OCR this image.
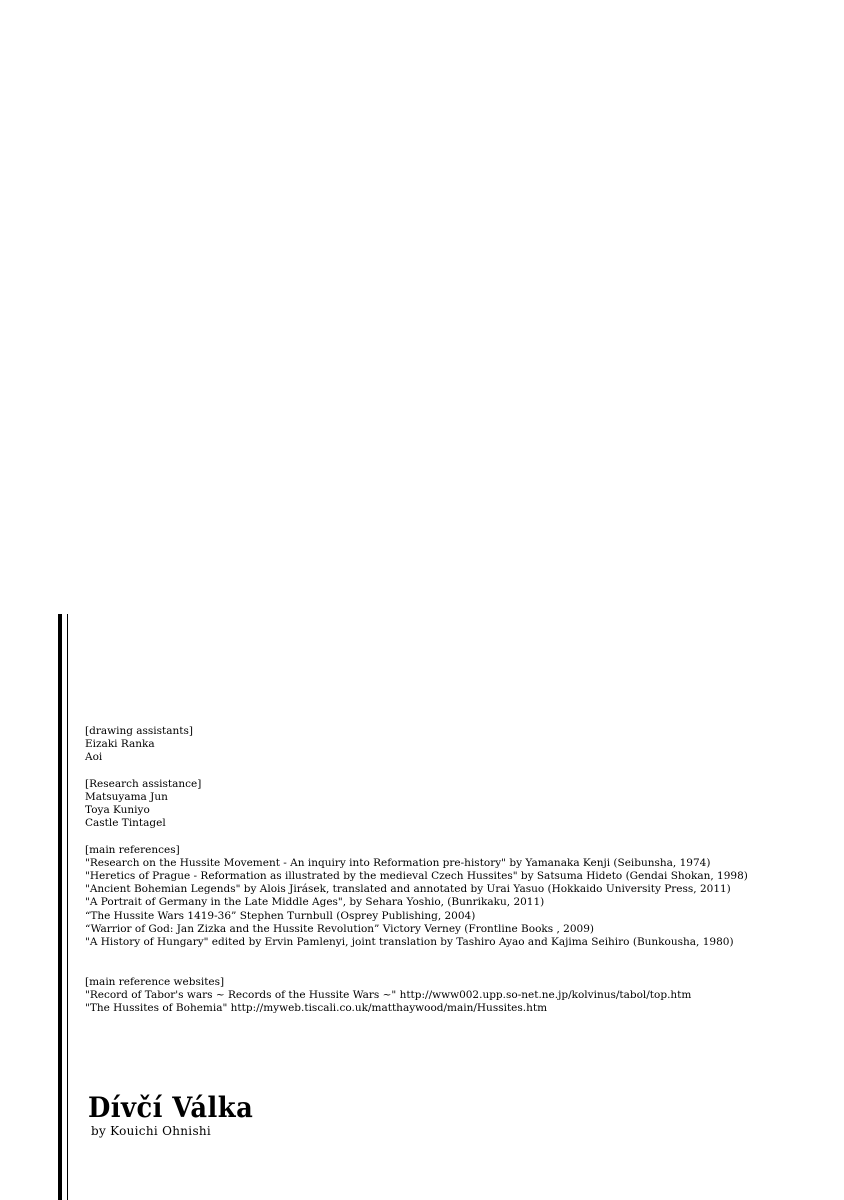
[drawing assistants]
Eizaki Ranka
Aoi
[Research assistance]
Matsuyama Jun
Toya Kuniyo
Castle Tintagel
[main references]
"Research on the Hussite Movement - An inquiry into Reformation pre-history" by Yamanaka Kenji (Seibunsha, 1974)
"Heretics of Prague - Reformation as illustrated by the medieval Czech Hussites" by Satsuma Hideto (Gendai Shokan, 1998)
"Ancient Bohemian Legends" by Alois Jirásek, translated and annotated by Urai Yasuo (Hokkaido University Press, 2011)
"A Portrait of Germany in the Late Middle Ages", by Sehara Yoshio, (Bunrikaku, 2011)
“The Hussite Wars 1419-36” Stephen Turnbull (Osprey Publishing, 2004)
“Warrior of God: Jan Zizka and the Hussite Revolution” Victory Verney (Frontline Books , 2009)
"A History of Hungary" edited by Ervin Pamlenyi, joint translation by Tashiro Ayao and Kajima Seihiro (Bunkousha, 1980)
[main reference websites]
"Record of Tabor's wars ~ Records of the Hussite Wars ~" http://www002.upp.so-net.ne.jp/kolvinus/tabol/top.htm
"The Hussites of Bohemia" http://myweb.tiscali.co.uk/matthaywood/main/Hussites.htm
Dívčí Válka
by Kouichi Ohnishi
